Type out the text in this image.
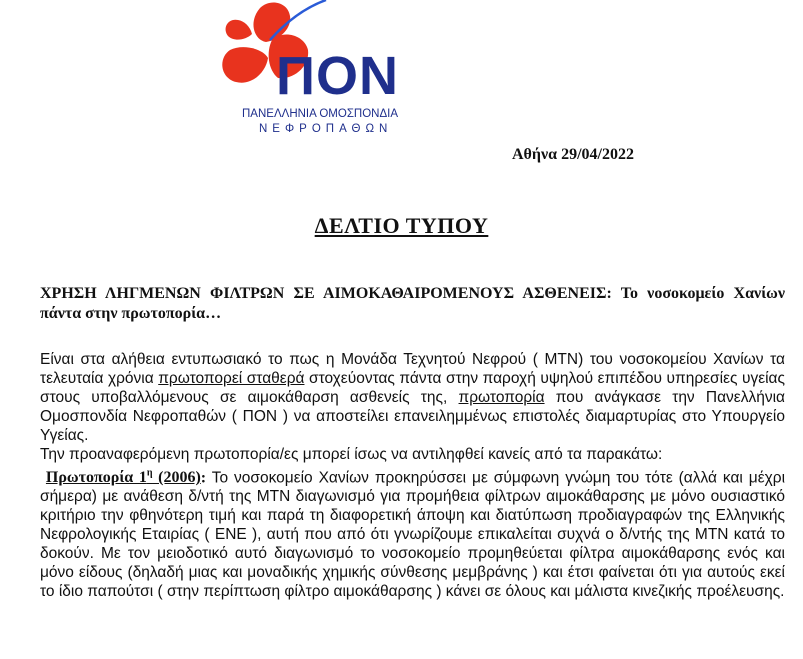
ΠΟΝ
ΠΑΝΕΛΛΗΝΙΑ ΟΜΟΣΠΟΝΔΙΑ
ΝΕΦΡΟΠΑΘΩΝ
Αθήνα 29/04/2022
ΔΕΛΤΙΟ ΤΥΠΟΥ
ΧΡΗΣΗ ΛΗΓΜΕΝΩΝ ΦΙΛΤΡΩΝ ΣΕ ΑΙΜΟΚΑΘΑΙΡΟΜΕΝΟΥΣ ΑΣΘΕΝΕΙΣ: Το νοσοκομείο Χανίων πάντα στην πρωτοπορία…

Είναι στα αλήθεια εντυπωσιακό το πως η Μονάδα Τεχνητού Νεφρού ( ΜΤΝ) του νοσοκομείου Χανίων τα τελευταία χρόνια πρωτοπορεί σταθερά στοχεύοντας πάντα στην παροχή υψηλού επιπέδου υπηρεσίες υγείας στους υποβαλλόμενους σε αιμοκάθαρση ασθενείς της, πρωτοπορία που ανάγκασε την Πανελλήνια Ομοσπονδία Νεφροπαθών ( ΠΟΝ ) να αποστείλει επανειλημμένως επιστολές διαμαρτυρίας στο Υπουργείο Υγείας.

Την προαναφερόμενη πρωτοπορία/ες μπορεί ίσως να αντιληφθεί κανείς από τα παρακάτω:

Πρωτοπορία $1^\eta$ (2006): Το νοσοκομείο Χανίων προκηρύσσει με σύμφωνη γνώμη του τότε (αλλά και μέχρι σήμερα) με ανάθεση δ/ντή της ΜΤΝ διαγωνισμό για προμήθεια φίλτρων αιμοκάθαρσης με μόνο ουσιαστικό κριτήριο την φθηνότερη τιμή και παρά τη διαφορετική άποψη και διατύπωση προδιαγραφών της Ελληνικής Νεφρολογικής Εταιρίας ( ΕΝΕ ), αυτή που από ότι γνωρίζουμε επικαλείται συχνά ο δ/ντής της ΜΤΝ κατά το δοκούν. Με τον μειοδοτικό αυτό διαγωνισμό το νοσοκομείο προμηθεύεται φίλτρα αιμοκάθαρσης ενός και μόνο είδους (δηλαδή μιας και μοναδικής χημικής σύνθεσης μεμβράνης ) και έτσι φαίνεται ότι για αυτούς εκεί το ίδιο παπούτσι ( στην περίπτωση φίλτρο αιμοκάθαρσης ) κάνει σε όλους και μάλιστα κινεζικής προέλευσης.
